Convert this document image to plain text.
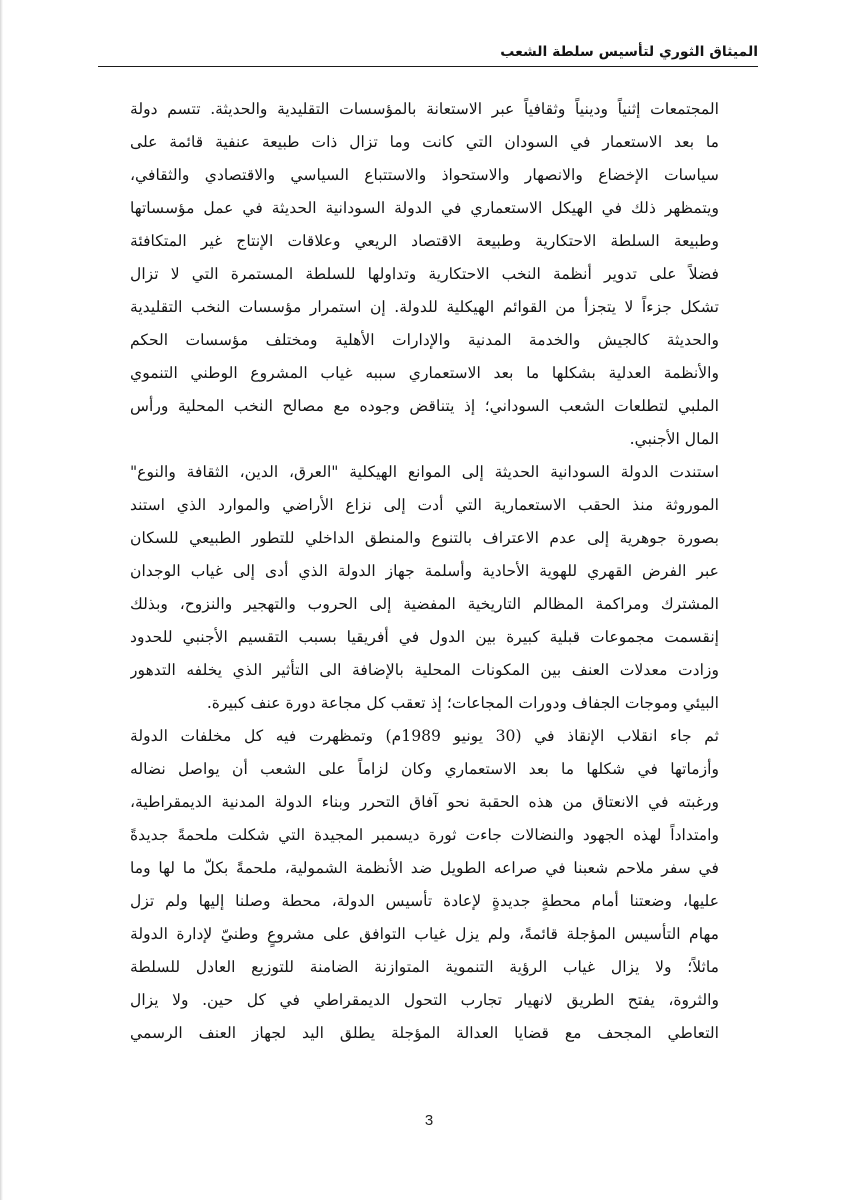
الميثاق الثوري لتأسيس سلطة الشعب
المجتمعات إثنياً ودينياً وثقافياً عبر الاستعانة بالمؤسسات التقليدية والحديثة. تتسم دولة
ما بعد الاستعمار في السودان التي كانت وما تزال ذات طبيعة عنفية قائمة على
سياسات الإخضاع والانصهار والاستحواذ والاستتباع السياسي والاقتصادي والثقافي،
ويتمظهر ذلك في الهيكل الاستعماري في الدولة السودانية الحديثة في عمل مؤسساتها
وطبيعة السلطة الاحتكارية وطبيعة الاقتصاد الريعي وعلاقات الإنتاج غير المتكافئة
فضلاً على تدوير أنظمة النخب الاحتكارية وتداولها للسلطة المستمرة التي لا تزال
تشكل جزءاً لا يتجزأ من القوائم الهيكلية للدولة. إن استمرار مؤسسات النخب التقليدية
والحديثة كالجيش والخدمة المدنية والإدارات الأهلية ومختلف مؤسسات الحكم
والأنظمة العدلية بشكلها ما بعد الاستعماري سببه غياب المشروع الوطني التنموي
الملبي لتطلعات الشعب السوداني؛ إذ يتناقض وجوده مع مصالح النخب المحلية ورأس
المال الأجنبي.
استندت الدولة السودانية الحديثة إلى الموانع الهيكلية "العرق، الدين، الثقافة والنوع"
الموروثة منذ الحقب الاستعمارية التي أدت إلى نزاع الأراضي والموارد الذي استند
بصورة جوهرية إلى عدم الاعتراف بالتنوع والمنطق الداخلي للتطور الطبيعي للسكان
عبر الفرض القهري للهوية الأحادية وأسلمة جهاز الدولة الذي أدى إلى غياب الوجدان
المشترك ومراكمة المظالم التاريخية المفضية إلى الحروب والتهجير والنزوح، وبذلك
إنقسمت مجموعات قبلية كبيرة بين الدول في أفريقيا بسبب التقسيم الأجنبي للحدود
وزادت معدلات العنف بين المكونات المحلية بالإضافة الى التأثير الذي يخلفه التدهور
البيئي وموجات الجفاف ودورات المجاعات؛ إذ تعقب كل مجاعة دورة عنف كبيرة.
ثم جاء انقلاب الإنقاذ في (30 يونيو 1989م) وتمظهرت فيه كل مخلفات الدولة
وأزماتها في شكلها ما بعد الاستعماري وكان لزاماً على الشعب أن يواصل نضاله
ورغبته في الانعتاق من هذه الحقبة نحو آفاق التحرر وبناء الدولة المدنية الديمقراطية،
وامتداداً لهذه الجهود والنضالات جاءت ثورة ديسمبر المجيدة التي شكلت ملحمةً جديدةً
في سفر ملاحم شعبنا في صراعه الطويل ضد الأنظمة الشمولية، ملحمةً بكلّ ما لها وما
عليها، وضعتنا أمام محطةٍ جديدةٍ لإعادة تأسيس الدولة، محطة وصلنا إليها ولم تزل
مهام التأسيس المؤجلة قائمةً، ولم يزل غياب التوافق على مشروعٍ وطنيّ لإدارة الدولة
ماثلاً؛ ولا يزال غياب الرؤية التنموية المتوازنة الضامنة للتوزيع العادل للسلطة
والثروة، يفتح الطريق لانهيار تجارب التحول الديمقراطي في كل حين. ولا يزال
التعاطي المجحف مع قضايا العدالة المؤجلة يطلق اليد لجهاز العنف الرسمي
3
